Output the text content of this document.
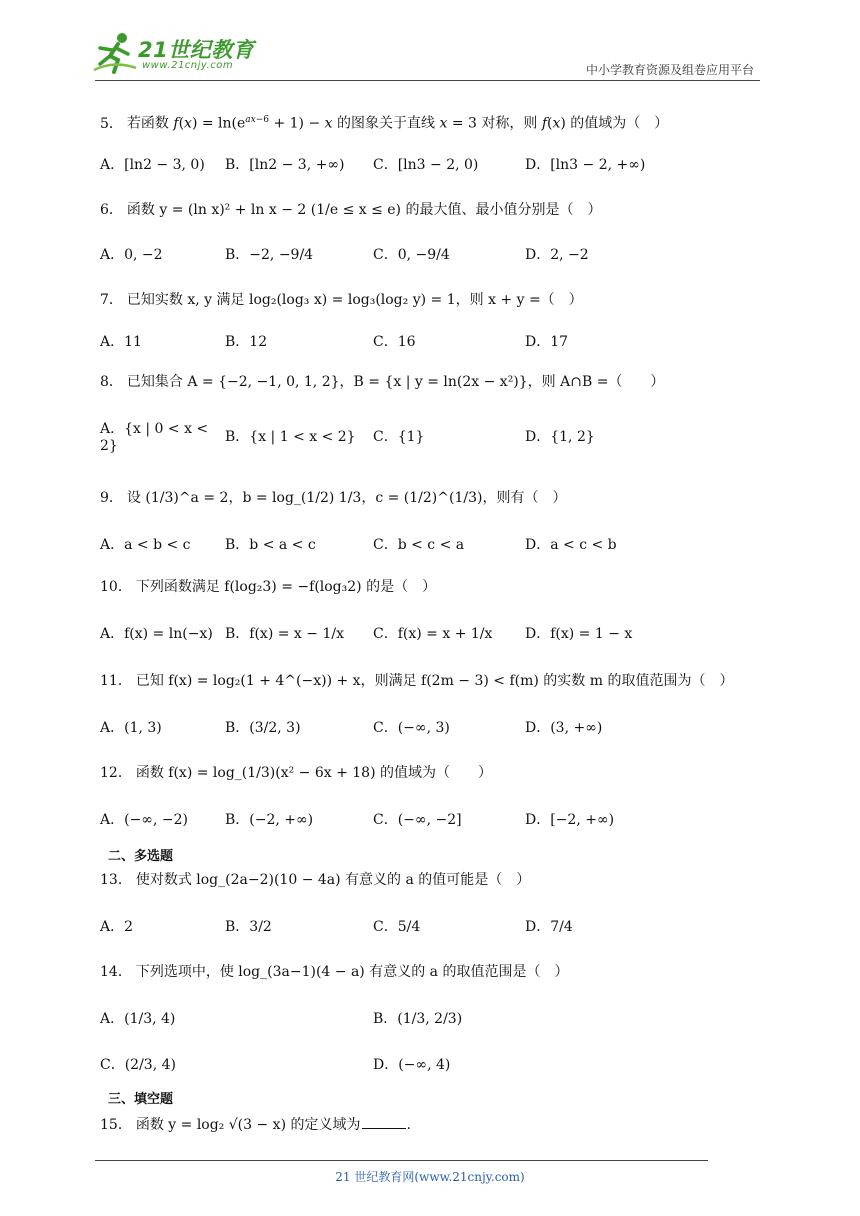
21世纪教育
www.21cnjy.com	中小学教育资源及组卷应用平台
5． 若函数 $f(x) = \ln(e^{ax-6} + 1) - x$ 的图象关于直线 x = 3 对称，则 f(x) 的值域为（　）
A．[ln2 − 3, 0)	B．[ln2 − 3, +∞)	C．[ln3 − 2, 0)	D．[ln3 − 2, +∞)
6． 函数 y = (ln x)² + ln x − 2 (1/e ≤ x ≤ e) 的最大值、最小值分别是（　）
A．0, −2	B．−2, −9/4	C．0, −9/4	D．2, −2
7． 已知实数 x, y 满足 log₂(log₃ x) = log₃(log₂ y) = 1，则 x + y =（　）
A．11	B．12	C．16	D．17
8． 已知集合 A = {−2, −1, 0, 1, 2}，B = {x | y = ln(2x − x²)}，则 A∩B =（　　）
A．{x | 0 < x < 2}
B．{x | 1 < x < 2}	C．{1}	D．{1, 2}
9． 设 (1/3)^a = 2，b = log_(1/2) 1/3，c = (1/2)^(1/3)，则有（　）
A．a < b < c	B．b < a < c	C．b < c < a	D．a < c < b
10． 下列函数满足 f(log₂3) = −f(log₃2) 的是（　）
A．f(x) = ln(−x) B．f(x) = x − 1/x	C．f(x) = x + 1/x	D．f(x) = 1 − x
11． 已知 f(x) = log₂(1 + 4^(−x)) + x，则满足 f(2m − 3) < f(m) 的实数 m 的取值范围为（　）
A．(1, 3)	B．(3/2, 3)	C．(−∞, 3)	D．(3, +∞)
12． 函数 f(x) = log_(1/3)(x² − 6x + 18) 的值域为（　　）
A．(−∞, −2)	B．(−2, +∞)	C．(−∞, −2]	D．[−2, +∞)
二、多选题
13． 使对数式 log_(2a−2)(10 − 4a) 有意义的 a 的值可能是（　）
A．2	B．3/2	C．5/4	D．7/4
14． 下列选项中，使 log_(3a−1)(4 − a) 有意义的 a 的取值范围是（　）
A．(1/3, 4)	B．(1/3, 2/3)
C．(2/3, 4)	D．(−∞, 4)
三、填空题
15． 函数 y = log₂ √(3 − x) 的定义域为	.
21 世纪教育网(www.21cnjy.com)
